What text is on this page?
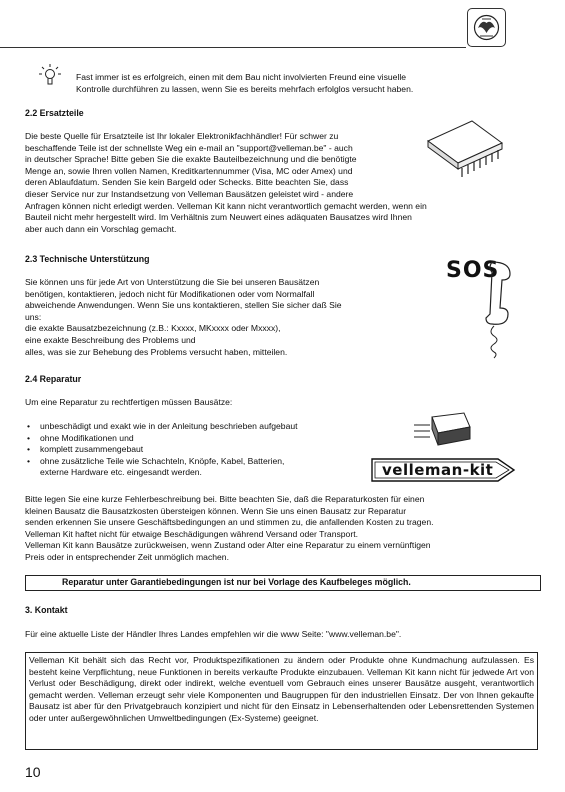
Fast immer ist es erfolgreich, einen mit dem Bau nicht involvierten Freund eine visuelle
Kontrolle durchführen zu lassen, wenn Sie es bereits mehrfach erfolglos versucht haben.
2.2 Ersatzteile
Die beste Quelle für Ersatzteile ist Ihr lokaler Elektronikfachhändler! Für schwer zu
beschaffende Teile ist der schnellste Weg ein e-mail an "support@velleman.be" - auch
in deutscher Sprache! Bitte geben Sie die exakte Bauteilbezeichnung und die benötigte
Menge an, sowie Ihren vollen Namen, Kreditkartennummer (Visa, MC oder Amex) und
deren Ablaufdatum. Senden Sie kein Bargeld oder Schecks. Bitte beachten Sie, dass
dieser Service nur zur Instandsetzung von Velleman Bausätzen geleistet wird - andere
Anfragen können nicht erledigt werden. Velleman Kit kann nicht verantwortlich gemacht werden, wenn ein
Bauteil nicht mehr hergestellt wird. Im Verhältnis zum Neuwert eines adäquaten Bausatzes wird Ihnen
aber auch dann ein Vorschlag gemacht.
2.3 Technische Unterstützung
Sie können uns für jede Art von Unterstützung die Sie bei unseren Bausätzen
benötigen, kontaktieren, jedoch nicht für Modifikationen oder vom Normalfall
abweichende Anwendungen. Wenn Sie uns kontaktieren, stellen Sie sicher daß Sie
uns:
die exakte Bausatzbezeichnung (z.B.: Kxxxx, MKxxxx oder Mxxxx),
eine exakte Beschreibung des Problems und
alles, was sie zur Behebung des Problems versucht haben, mitteilen.
SOS
2.4 Reparatur
Um eine Reparatur zu rechtfertigen müssen Bausätze:
• unbeschädigt und exakt wie in der Anleitung beschrieben aufgebaut
• ohne Modifikationen und
• komplett zusammengebaut
• ohne zusätzliche Teile wie Schachteln, Knöpfe, Kabel, Batterien,
externe Hardware etc. eingesandt werden.	velleman-kit
Bitte legen Sie eine kurze Fehlerbeschreibung bei. Bitte beachten Sie, daß die Reparaturkosten für einen
kleinen Bausatz die Bausatzkosten übersteigen können. Wenn Sie uns einen Bausatz zur Reparatur
senden erkennen Sie unsere Geschäftsbedingungen an und stimmen zu, die anfallenden Kosten zu tragen.
Velleman Kit haftet nicht für etwaige Beschädigungen während Versand oder Transport.
Velleman Kit kann Bausätze zurückweisen, wenn Zustand oder Alter eine Reparatur zu einem vernünftigen
Preis oder in entsprechender Zeit unmöglich machen.
Reparatur unter Garantiebedingungen ist nur bei Vorlage des Kaufbeleges möglich.
3. Kontakt
Für eine aktuelle Liste der Händler Ihres Landes empfehlen wir die www Seite: "www.velleman.be".
Velleman Kit behält sich das Recht vor, Produktspezifikationen zu ändern oder Produkte ohne Kundmachung aufzulassen. Es besteht keine Verpflichtung, neue Funktionen in bereits verkaufte Produkte einzubauen. Velleman Kit kann nicht für jedwede Art von Verlust oder Beschädigung, direkt oder indirekt, welche eventuell vom Gebrauch eines unserer Bausätze ausgeht, verantwortlich gemacht werden. Velleman erzeugt sehr viele Komponenten und Baugruppen für den industriellen Einsatz. Der von Ihnen gekaufte Bausatz ist aber für den Privatgebrauch konzipiert und nicht für den Einsatz in Lebenserhaltenden oder Lebensrettenden Systemen oder unter außergewöhnlichen Umweltbedingungen (Ex-Systeme) geeignet.
10
